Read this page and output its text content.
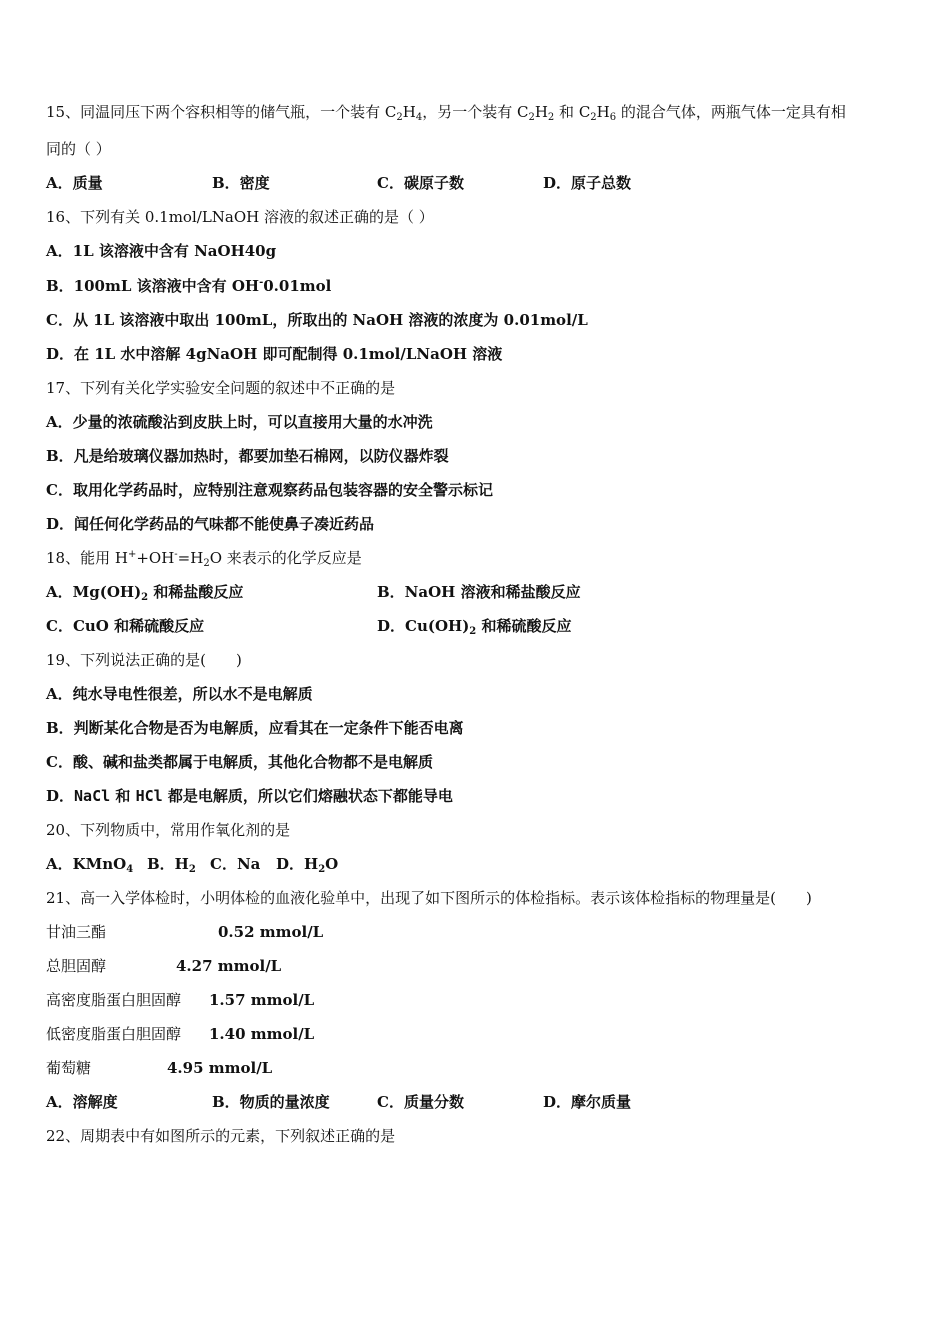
15、同温同压下两个容积相等的储气瓶，一个装有 $C_2H_4$，另一个装有 $C_2H_2$ 和 $C_2H_6$ 的混合气体，两瓶气体一定具有相
同的（ ）
A．质量	B．密度	C．碳原子数	D．原子总数
16、下列有关 0.1mol/LNaOH 溶液的叙述正确的是（ ）
A．1L 该溶液中含有 NaOH40g
B．100mL 该溶液中含有 OH-0.01mol
C．从 1L 该溶液中取出 100mL，所取出的 NaOH 溶液的浓度为 0.01mol/L
D．在 1L 水中溶解 4gNaOH 即可配制得 0.1mol/LNaOH 溶液
17、下列有关化学实验安全问题的叙述中不正确的是
A．少量的浓硫酸沾到皮肤上时，可以直接用大量的水冲洗
B．凡是给玻璃仪器加热时，都要加垫石棉网，以防仪器炸裂
C．取用化学药品时，应特别注意观察药品包装容器的安全警示标记
D．闻任何化学药品的气味都不能使鼻子凑近药品
18、能用 $H^++OH^-=H_2O$ 来表示的化学反应是
A．$Mg(OH)_2$ 和稀盐酸反应	B．NaOH 溶液和稀盐酸反应
C．CuO 和稀硫酸反应	D．$Cu(OH)_2$ 和稀硫酸反应
19、下列说法正确的是(　　)
A．纯水导电性很差，所以水不是电解质
B．判断某化合物是否为电解质，应看其在一定条件下能否电离
C．酸、碱和盐类都属于电解质，其他化合物都不是电解质
D．NaCl 和 HCl 都是电解质，所以它们熔融状态下都能导电
20、下列物质中，常用作氧化剂的是
A．KMnO$_4$ B．$H_2$ C．Na D．$H_2O$
21、高一入学体检时，小明体检的血液化验单中，出现了如下图所示的体检指标。表示该体检指标的物理量是(　　)
甘油三酯	0.52 mmol/L
总胆固醇	4.27 mmol/L
高密度脂蛋白胆固醇 1.57 mmol/L
低密度脂蛋白胆固醇 1.40 mmol/L
葡萄糖	4.95 mmol/L
A．溶解度	B．物质的量浓度	C．质量分数	D．摩尔质量
22、周期表中有如图所示的元素，下列叙述正确的是
